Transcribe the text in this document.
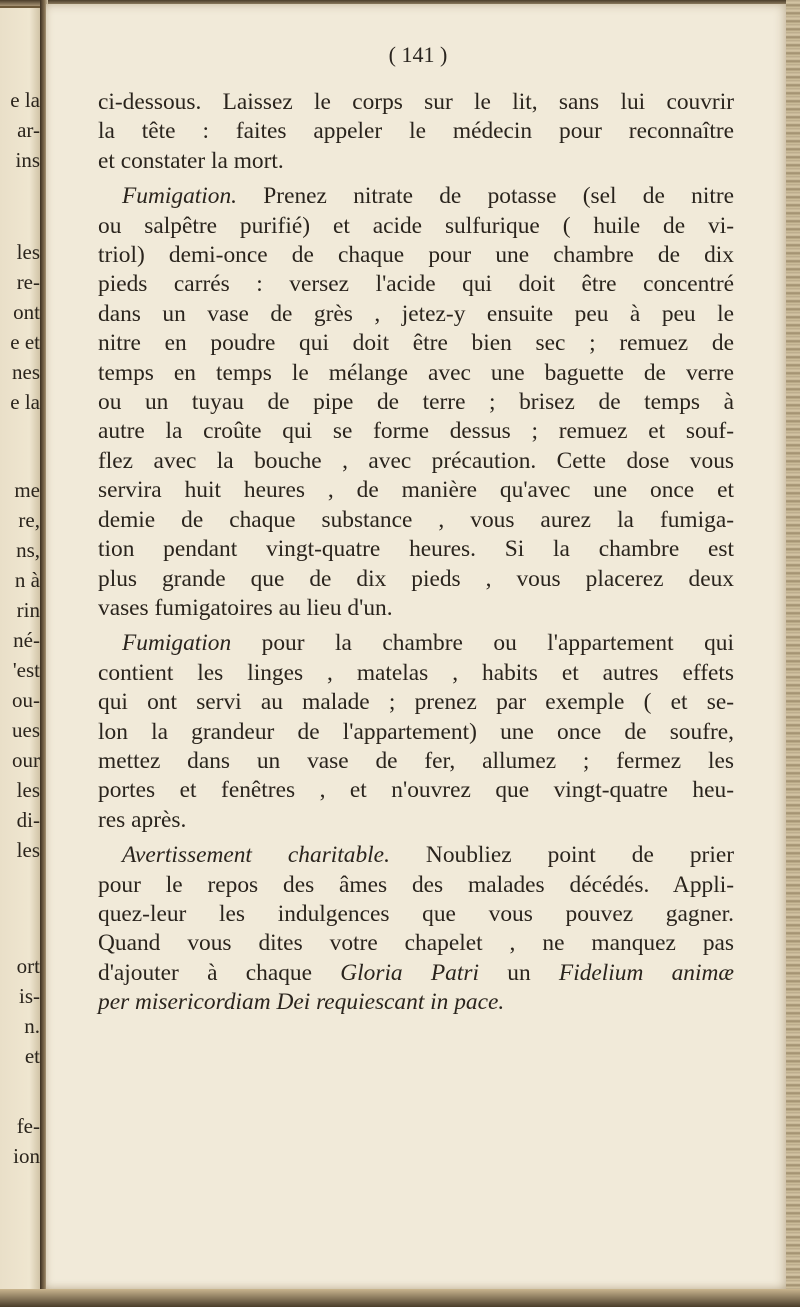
e la
ar-
ins
les
re-
ont
e et
nes
e la
me
re,
ns,
n à
rin
né-
'est
ou-
ues
our
les
di-
les
ort
is-
n.
et
fe-
ion
( 141 )
ci-dessous. Laissez le corps sur le lit, sans lui couvrir
la tête : faites appeler le médecin pour reconnaître
et constater la mort.
Fumigation. Prenez nitrate de potasse (sel de nitre
ou salpêtre purifié) et acide sulfurique ( huile de vi-
triol) demi-once de chaque pour une chambre de dix
pieds carrés : versez l'acide qui doit être concentré
dans un vase de grès , jetez-y ensuite peu à peu le
nitre en poudre qui doit être bien sec ; remuez de
temps en temps le mélange avec une baguette de verre
ou un tuyau de pipe de terre ; brisez de temps à
autre la croûte qui se forme dessus ; remuez et souf-
flez avec la bouche , avec précaution. Cette dose vous
servira huit heures , de manière qu'avec une once et
demie de chaque substance , vous aurez la fumiga-
tion pendant vingt-quatre heures. Si la chambre est
plus grande que de dix pieds , vous placerez deux
vases fumigatoires au lieu d'un.
Fumigation pour la chambre ou l'appartement qui
contient les linges , matelas , habits et autres effets
qui ont servi au malade ; prenez par exemple ( et se-
lon la grandeur de l'appartement) une once de soufre,
mettez dans un vase de fer, allumez ; fermez les
portes et fenêtres , et n'ouvrez que vingt-quatre heu-
res après.
Avertissement charitable. Noubliez point de prier
pour le repos des âmes des malades décédés. Appli-
quez-leur les indulgences que vous pouvez gagner.
Quand vous dites votre chapelet , ne manquez pas
d'ajouter à chaque Gloria Patri un Fidelium animæ
per misericordiam Dei requiescant in pace.
